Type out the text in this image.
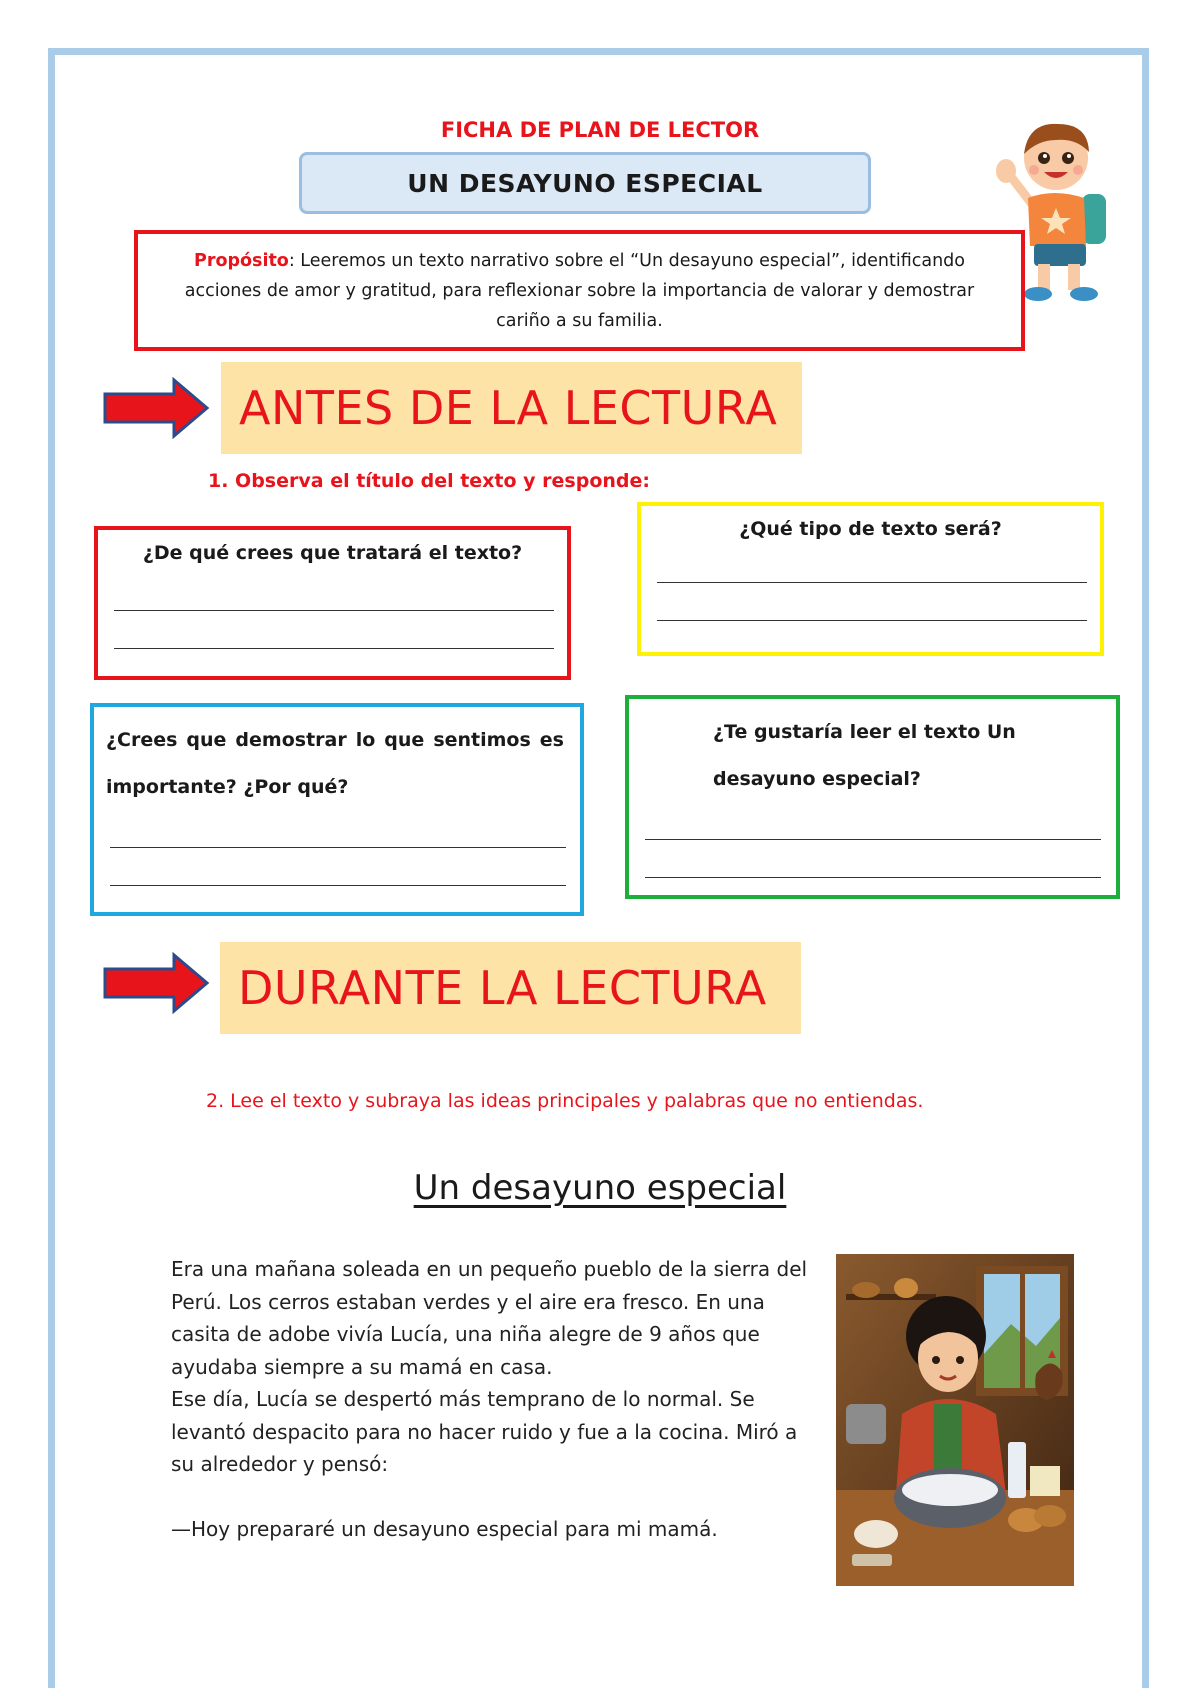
FICHA DE PLAN DE LECTOR
UN DESAYUNO ESPECIAL
Propósito: Leeremos un texto narrativo sobre el “Un desayuno especial”, identificando acciones de amor y gratitud, para reflexionar sobre la importancia de valorar y demostrar cariño a su familia.
ANTES DE LA LECTURA
1. Observa el título del texto y responde:
¿De qué crees que tratará el texto?
¿Qué tipo de texto será?
¿Crees que demostrar lo que sentimos es importante? ¿Por qué?
¿Te gustaría leer el texto Un desayuno especial?
DURANTE LA LECTURA
2. Lee el texto y subraya las ideas principales y palabras que no entiendas.
Un desayuno especial

Era una mañana soleada en un pequeño pueblo de la sierra del Perú. Los cerros estaban verdes y el aire era fresco. En una casita de adobe vivía Lucía, una niña alegre de 9 años que ayudaba siempre a su mamá en casa.

Ese día, Lucía se despertó más temprano de lo normal. Se levantó despacito para no hacer ruido y fue a la cocina. Miró a su alrededor y pensó:

—Hoy prepararé un desayuno especial para mi mamá.
